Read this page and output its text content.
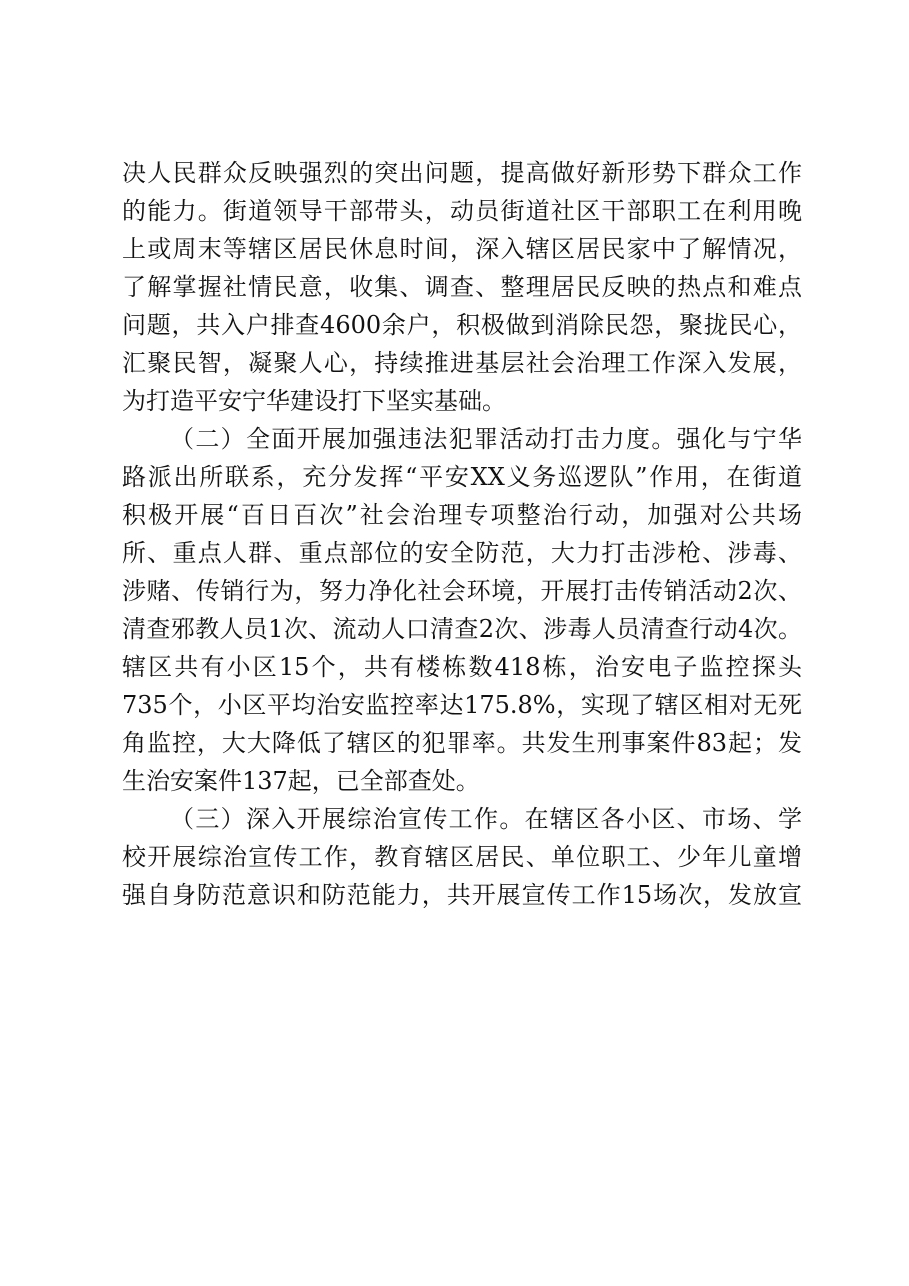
决人民群众反映强烈的突出问题，提高做好新形势下群众工作
的能力。街道领导干部带头，动员街道社区干部职工在利用晚
上或周末等辖区居民休息时间，深入辖区居民家中了解情况，
了解掌握社情民意，收集、调查、整理居民反映的热点和难点
问题，共入户排查4600余户，积极做到消除民怨，聚拢民心，
汇聚民智，凝聚人心，持续推进基层社会治理工作深入发展，
为打造平安宁华建设打下坚实基础。
（二）全面开展加强违法犯罪活动打击力度。强化与宁华
路派出所联系，充分发挥“平安XX义务巡逻队”作用，在街道
积极开展“百日百次”社会治理专项整治行动，加强对公共场
所、重点人群、重点部位的安全防范，大力打击涉枪、涉毒、
涉赌、传销行为，努力净化社会环境，开展打击传销活动2次、
清查邪教人员1次、流动人口清查2次、涉毒人员清查行动4次。
辖区共有小区15个，共有楼栋数418栋，治安电子监控探头
735个，小区平均治安监控率达175.8%，实现了辖区相对无死
角监控，大大降低了辖区的犯罪率。共发生刑事案件83起；发
生治安案件137起，已全部查处。
（三）深入开展综治宣传工作。在辖区各小区、市场、学
校开展综治宣传工作，教育辖区居民、单位职工、少年儿童增
强自身防范意识和防范能力，共开展宣传工作15场次，发放宣
